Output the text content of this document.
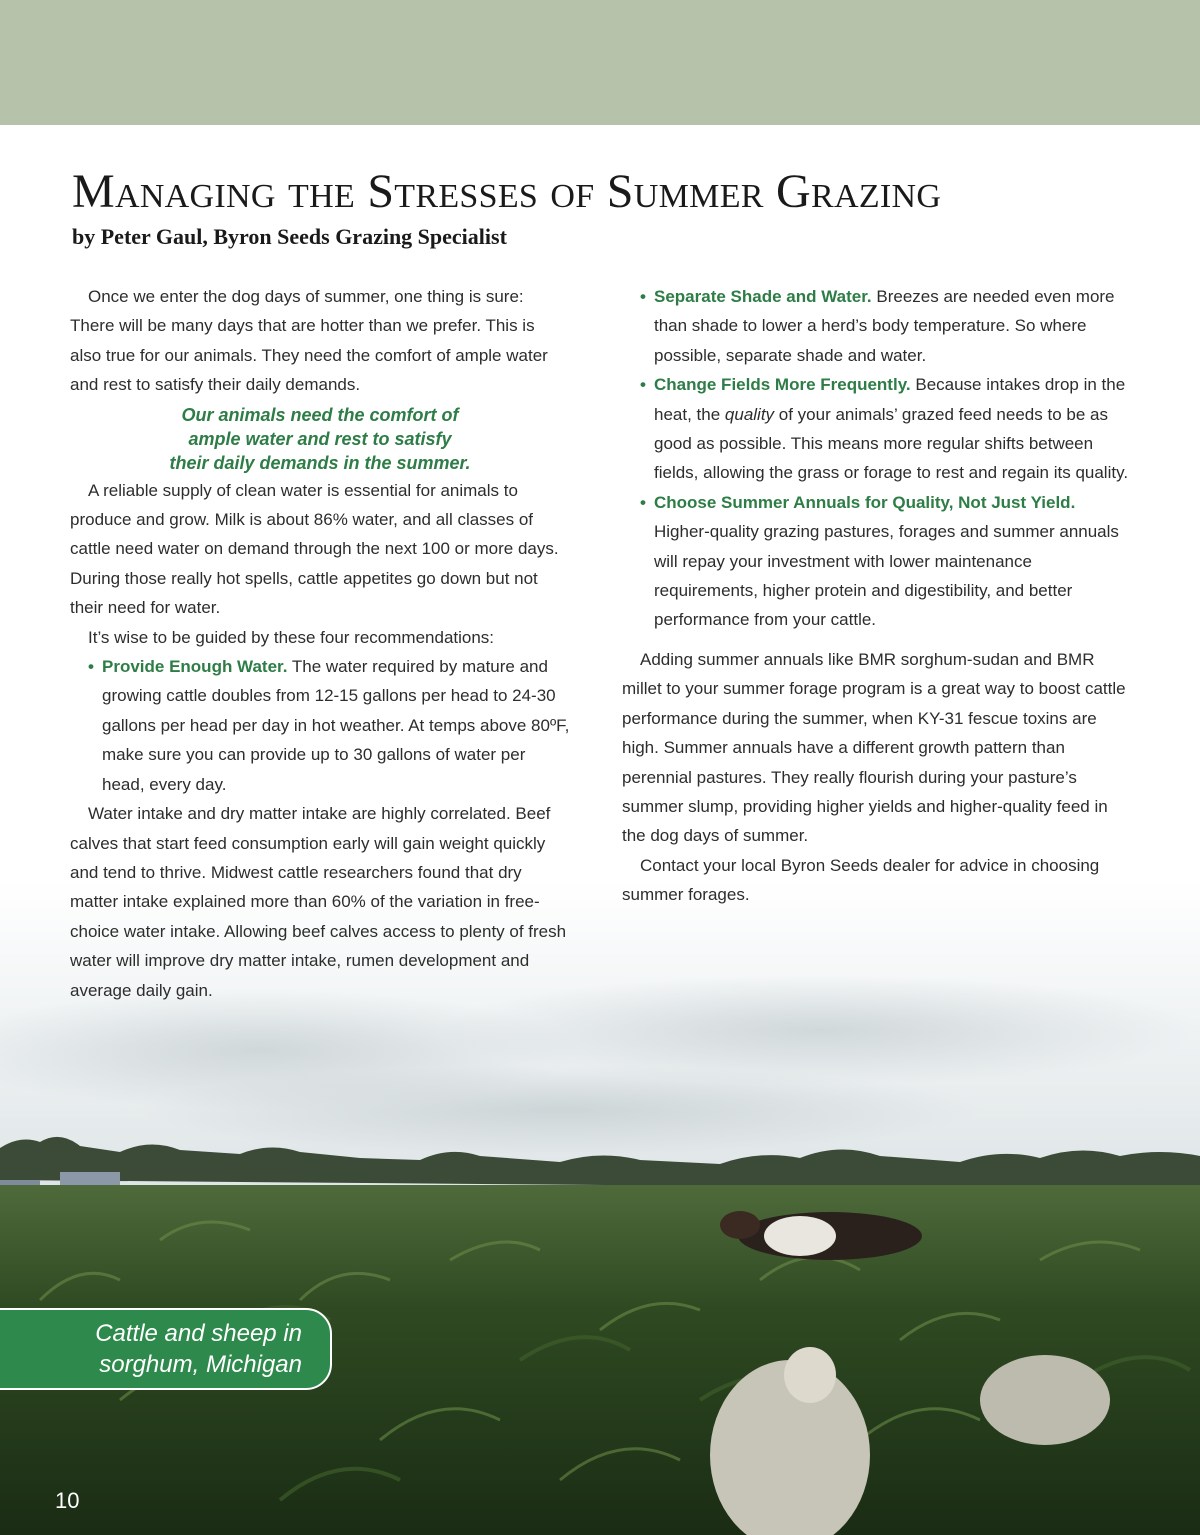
Managing the Stresses of Summer Grazing

by Peter Gaul, Byron Seeds Grazing Specialist

Once we enter the dog days of summer, one thing is sure: There will be many days that are hotter than we prefer. This is also true for our animals. They need the comfort of ample water and rest to satisfy their daily demands.

Our animals need the comfort of
ample water and rest to satisfy
their daily demands in the summer.

A reliable supply of clean water is essential for animals to produce and grow. Milk is about 86% water, and all classes of cattle need water on demand through the next 100 or more days. During those really hot spells, cattle appetites go down but not their need for water.

It’s wise to be guided by these four recommendations:

• Provide Enough Water. The water required by mature and growing cattle doubles from 12-15 gallons per head to 24-30 gallons per head per day in hot weather. At temps above 80ºF, make sure you can provide up to 30 gallons of water per head, every day.

Water intake and dry matter intake are highly correlated. Beef calves that start feed consumption early will gain weight quickly and tend to thrive. Midwest cattle researchers found that dry matter intake explained more than 60% of the variation in free-choice water intake. Allowing beef calves access to plenty of fresh water will improve dry matter intake, rumen development and average daily gain.

• Separate Shade and Water. Breezes are needed even more than shade to lower a herd’s body temperature. So where possible, separate shade and water.
• Change Fields More Frequently. Because intakes drop in the heat, the quality of your animals’ grazed feed needs to be as good as possible. This means more regular shifts between fields, allowing the grass or forage to rest and regain its quality.
• Choose Summer Annuals for Quality, Not Just Yield. Higher-quality grazing pastures, forages and summer annuals will repay your investment with lower maintenance requirements, higher protein and digestibility, and better performance from your cattle.

Adding summer annuals like BMR sorghum-sudan and BMR millet to your summer forage program is a great way to boost cattle performance during the summer, when KY-31 fescue toxins are high. Summer annuals have a different growth pattern than perennial pastures. They really flourish during your pasture’s summer slump, providing higher yields and higher-quality feed in the dog days of summer.

Contact your local Byron Seeds dealer for advice in choosing summer forages.

Cattle and sheep in
sorghum, Michigan
10
